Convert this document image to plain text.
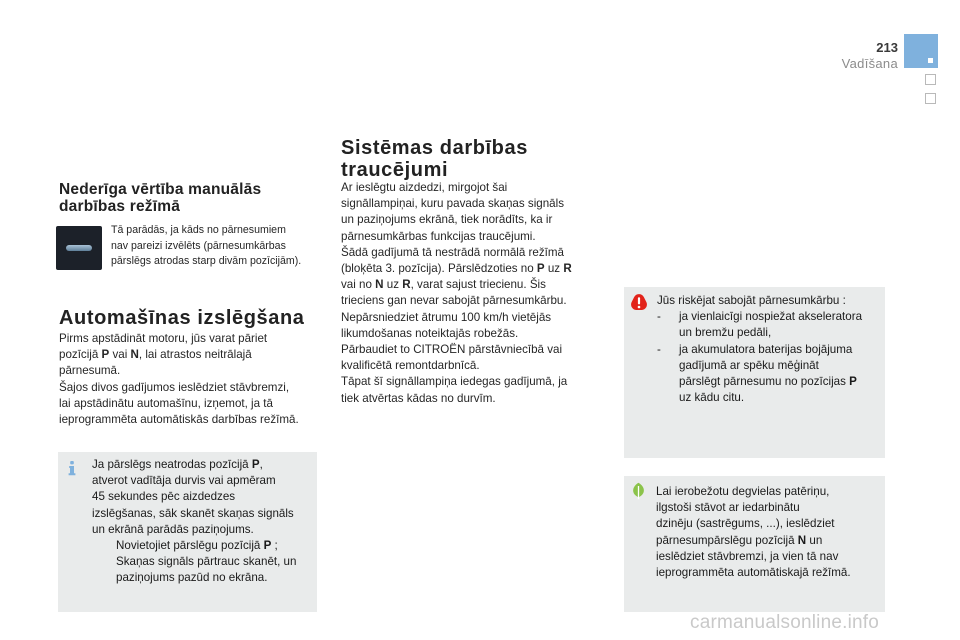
213
Vadīšana
Nederīga vērtība manuālās
darbības režīmā

Tā parādās, ja kāds no pārnesumiem
nav pareizi izvēlēts (pārnesumkārbas
pārslēgs atrodas starp divām pozīcijām).

Automašīnas izslēgšana

Pirms apstādināt motoru, jūs varat pāriet
pozīcijā P vai N, lai atrastos neitrālajā
pārnesumā.
Šajos divos gadījumos ieslēdziet stāvbremzi,
lai apstādinātu automašīnu, izņemot, ja tā
ieprogrammēta automātiskās darbības režīmā.

Ja pārslēgs neatrodas pozīcijā P,
atverot vadītāja durvis vai apmēram
45 sekundes pēc aizdedzes
izslēgšanas, sāk skanēt skaņas signāls
un ekrānā parādās paziņojums.
Novietojiet pārslēgu pozīcijā P ;
Skaņas signāls pārtrauc skanēt, un
paziņojums pazūd no ekrāna.
Sistēmas darbības
traucējumi

Ar ieslēgtu aizdedzi, mirgojot šai
signāllampiņai, kuru pavada skaņas signāls
un paziņojums ekrānā, tiek norādīts, ka ir
pārnesumkārbas funkcijas traucējumi.
Šādā gadījumā tā nestrādā normālā režīmā
(bloķēta 3. pozīcija). Pārslēdzoties no P uz R
vai no N uz R, varat sajust triecienu. Šis
trieciens gan nevar sabojāt pārnesumkārbu.
Nepārsniedziet ātrumu 100 km/h vietējās
likumdošanas noteiktajās robežās.
Pārbaudiet to CITROËN pārstāvniecībā vai
kvalificētā remontdarbnīcā.
Tāpat šī signāllampiņa iedegas gadījumā, ja
tiek atvērtas kādas no durvīm.

Jūs riskējat sabojāt pārnesumkārbu :
-	ja vienlaicīgi nospiežat akseleratora
un bremžu pedāli,
-	ja akumulatora baterijas bojājuma
gadījumā ar spēku mēģināt
pārslēgt pārnesumu no pozīcijas P
uz kādu citu.
Lai ierobežotu degvielas patēriņu,
ilgstoši stāvot ar iedarbinātu
dzinēju (sastrēgums, ...), ieslēdziet
pārnesumpārslēgu pozīcijā N un
ieslēdziet stāvbremzi, ja vien tā nav
ieprogrammēta automātiskajā režīmā.
carmanualsonline.info
